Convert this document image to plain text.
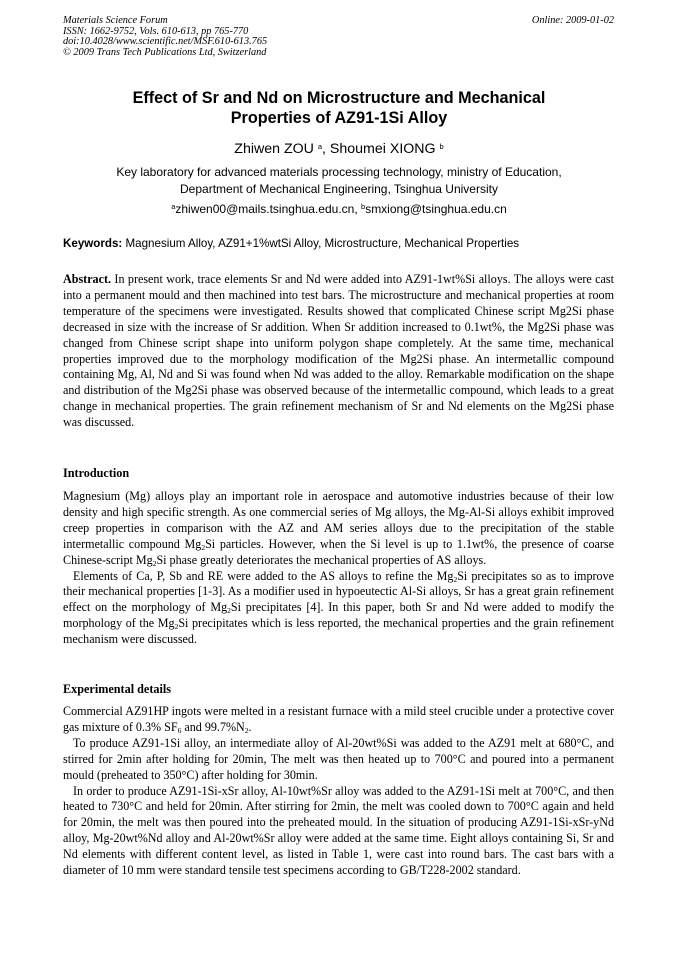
Materials Science Forum
ISSN: 1662-9752, Vols. 610-613, pp 765-770
doi:10.4028/www.scientific.net/MSF.610-613.765
© 2009 Trans Tech Publications Ltd, Switzerland
Online: 2009-01-02
Effect of Sr and Nd on Microstructure and Mechanical
Properties of AZ91-1Si Alloy
Zhiwen ZOU $^a$, Shoumei XIONG $^b$
Key laboratory for advanced materials processing technology, ministry of Education,
Department of Mechanical Engineering, Tsinghua University
$^a$zhiwen00@mails.tsinghua.edu.cn, $^b$smxiong@tsinghua.edu.cn
Keywords: Magnesium Alloy, AZ91+1%wtSi Alloy, Microstructure, Mechanical Properties

Abstract. In present work, trace elements Sr and Nd were added into AZ91-1wt%Si alloys. The alloys were cast into a permanent mould and then machined into test bars. The microstructure and mechanical properties at room temperature of the specimens were investigated. Results showed that complicated Chinese script Mg2Si phase decreased in size with the increase of Sr addition. When Sr addition increased to 0.1wt%, the Mg2Si phase was changed from Chinese script shape into uniform polygon shape completely. At the same time, mechanical properties improved due to the morphology modification of the Mg2Si phase. An intermetallic compound containing Mg, Al, Nd and Si was found when Nd was added to the alloy. Remarkable modification on the shape and distribution of the Mg2Si phase was observed because of the intermetallic compound, which leads to a great change in mechanical properties. The grain refinement mechanism of Sr and Nd elements on the Mg2Si phase was discussed.

Introduction

Magnesium (Mg) alloys play an important role in aerospace and automotive industries because of their low density and high specific strength. As one commercial series of Mg alloys, the Mg-Al-Si alloys exhibit improved creep properties in comparison with the AZ and AM series alloys due to the precipitation of the stable intermetallic compound $Mg_2Si$ particles. However, when the Si level is up to 1.1wt%, the presence of coarse Chinese-script $Mg_2Si$ phase greatly deteriorates the mechanical properties of AS alloys.

Elements of Ca, P, Sb and RE were added to the AS alloys to refine the $Mg_2Si$ precipitates so as to improve their mechanical properties [1-3]. As a modifier used in hypoeutectic Al-Si alloys, Sr has a great grain refinement effect on the morphology of $Mg_2Si$ precipitates [4]. In this paper, both Sr and Nd were added to modify the morphology of the $Mg_2Si$ precipitates which is less reported, the mechanical properties and the grain refinement mechanism were discussed.

Experimental details

Commercial AZ91HP ingots were melted in a resistant furnace with a mild steel crucible under a protective cover gas mixture of 0.3% $SF_6$ and $99.7\%N_2$.

To produce AZ91-1Si alloy, an intermediate alloy of Al-20wt%Si was added to the AZ91 melt at 680°C, and stirred for 2min after holding for 20min, The melt was then heated up to 700°C and poured into a permanent mould (preheated to 350°C) after holding for 30min.

In order to produce AZ91-1Si-xSr alloy, Al-10wt%Sr alloy was added to the AZ91-1Si melt at 700°C, and then heated to 730°C and held for 20min. After stirring for 2min, the melt was cooled down to 700°C again and held for 20min, the melt was then poured into the preheated mould. In the situation of producing AZ91-1Si-xSr-yNd alloy, Mg-20wt%Nd alloy and Al-20wt%Sr alloy were added at the same time. Eight alloys containing Si, Sr and Nd elements with different content level, as listed in Table 1, were cast into round bars. The cast bars with a diameter of 10 mm were standard tensile test specimens according to GB/T228-2002 standard.
